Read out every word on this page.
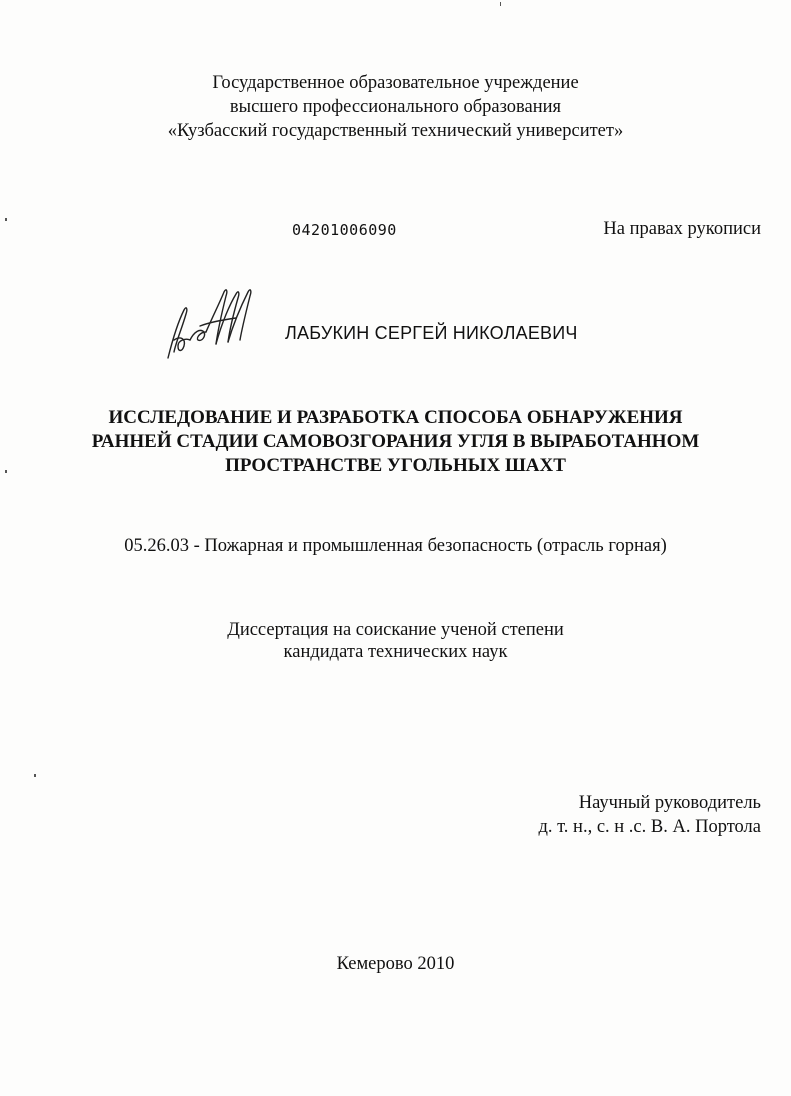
Государственное образовательное учреждение
высшего профессионального образования
«Кузбасский государственный технический университет»
04201006090	На правах рукописи
ЛАБУКИН СЕРГЕЙ НИКОЛАЕВИЧ
ИССЛЕДОВАНИЕ И РАЗРАБОТКА СПОСОБА ОБНАРУЖЕНИЯ
РАННЕЙ СТАДИИ САМОВОЗГОРАНИЯ УГЛЯ В ВЫРАБОТАННОМ
ПРОСТРАНСТВЕ УГОЛЬНЫХ ШАХТ
05.26.03 - Пожарная и промышленная безопасность (отрасль горная)
Диссертация на соискание ученой степени
кандидата технических наук
Научный руководитель
д. т. н., с. н .с. В. А. Портола
Кемерово 2010
